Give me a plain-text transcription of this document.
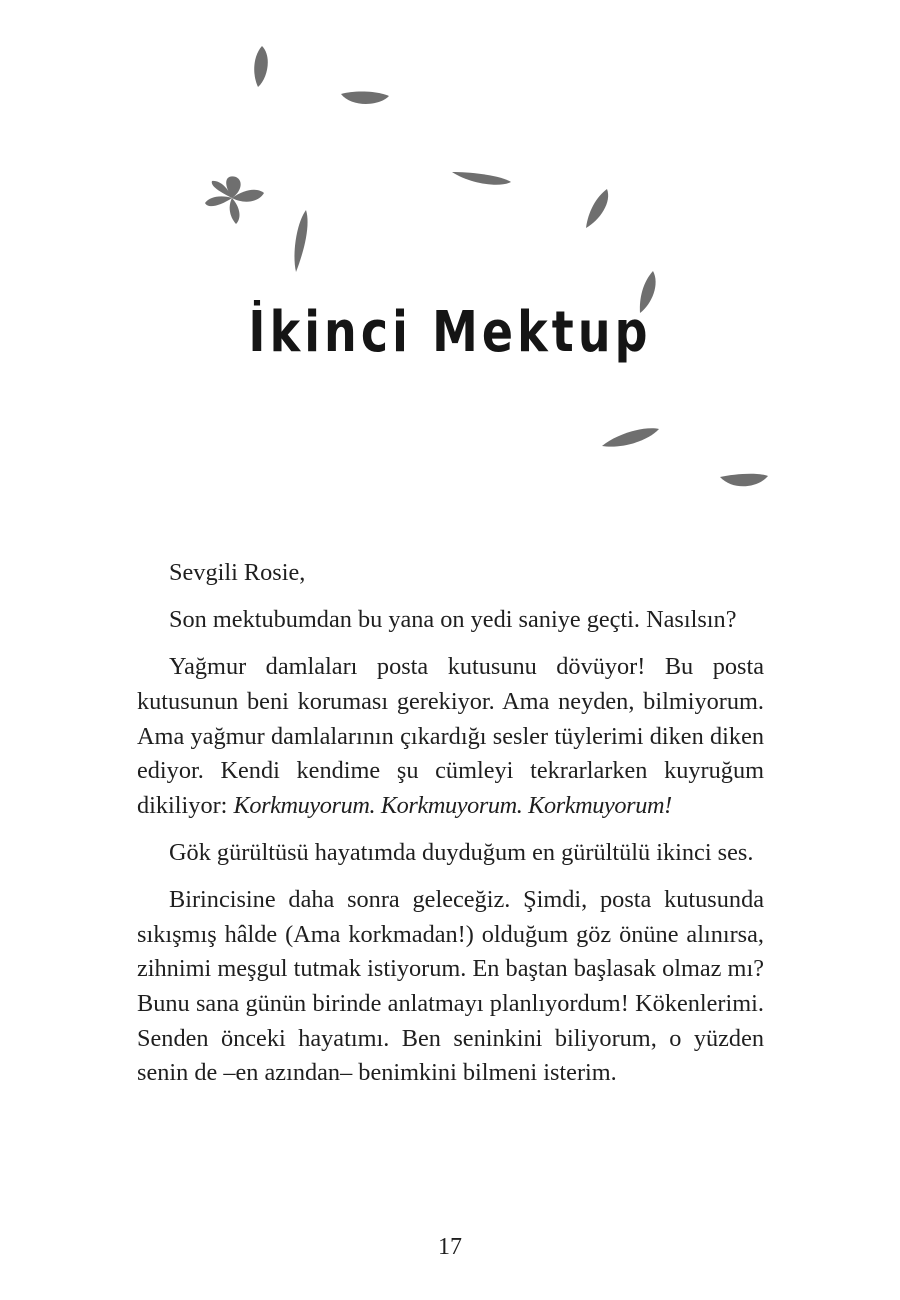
İkinci Mektup

Sevgili Rosie,

Son mektubumdan bu yana on yedi saniye geçti. Nasılsın?

Yağmur damlaları posta kutusunu dövüyor! Bu posta kutusunun beni koruması gerekiyor. Ama neyden, bilmiyorum. Ama yağmur damlalarının çıkardığı sesler tüylerimi diken diken ediyor. Kendi kendime şu cümleyi tekrarlarken kuyruğum dikiliyor: Korkmuyorum. Korkmuyorum. Korkmuyorum!

Gök gürültüsü hayatımda duyduğum en gürültülü ikinci ses.

Birincisine daha sonra geleceğiz. Şimdi, posta kutusunda sıkışmış hâlde (Ama korkmadan!) olduğum göz önüne alınırsa, zihnimi meşgul tutmak istiyorum. En baştan başlasak olmaz mı? Bunu sana günün birinde anlatmayı planlıyordum! Kökenlerimi. Senden önceki hayatımı. Ben seninkini biliyorum, o yüzden senin de –en azından– benimkini bilmeni isterim.

17
